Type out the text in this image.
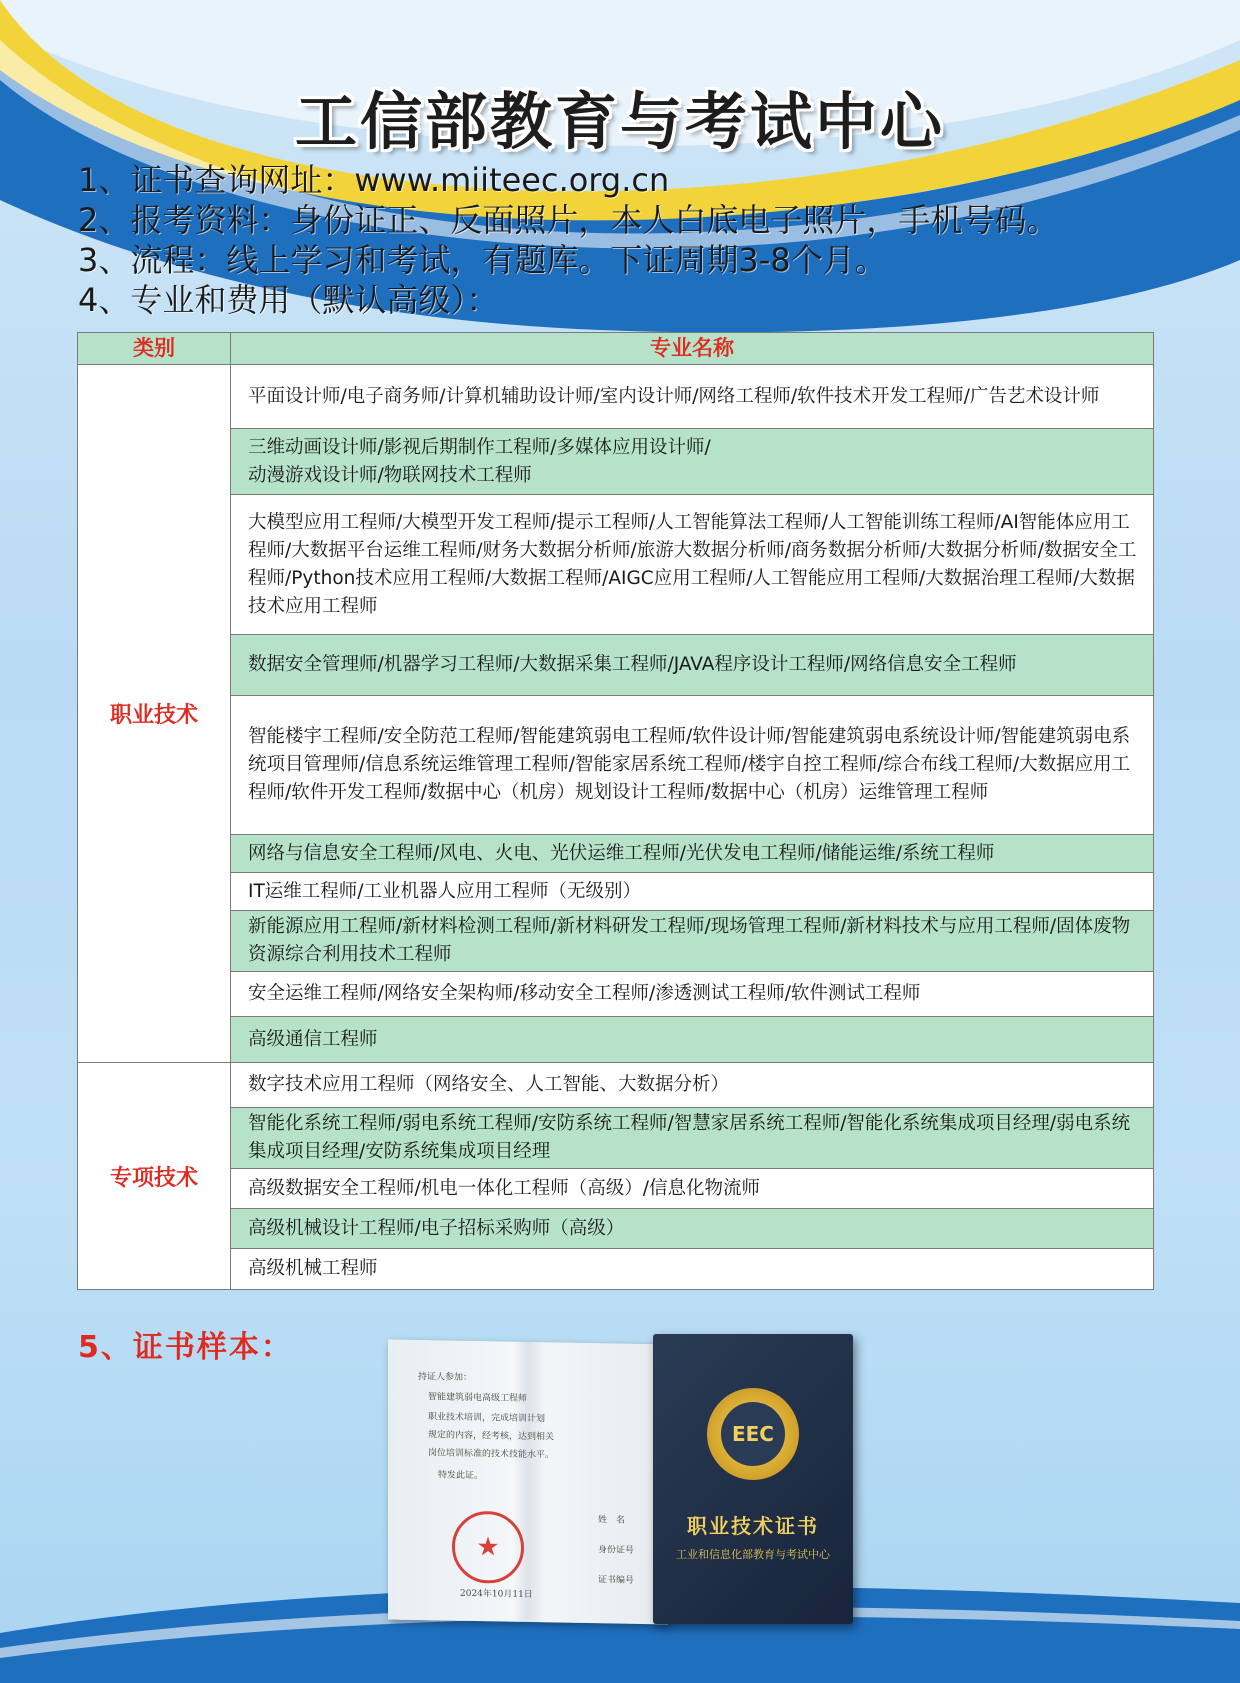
工信部教育与考试中心
1、证书查询网址：www.miiteec.org.cn
2、报考资料：身份证正、反面照片，本人白底电子照片，手机号码。
3、流程：线上学习和考试，有题库。下证周期3-8个月。
4、专业和费用（默认高级）：
类别	专业名称
职业技术
平面设计师/电子商务师/计算机辅助设计师/室内设计师/网络工程师/软件技术开发工程师/广告艺术设计师
三维动画设计师/影视后期制作工程师/多媒体应用设计师/
动漫游戏设计师/物联网技术工程师
大模型应用工程师/大模型开发工程师/提示工程师/人工智能算法工程师/人工智能训练工程师/AI智能体应用工程师/大数据平台运维工程师/财务大数据分析师/旅游大数据分析师/商务数据分析师/大数据分析师/数据安全工程师/Python技术应用工程师/大数据工程师/AIGC应用工程师/人工智能应用工程师/大数据治理工程师/大数据技术应用工程师
数据安全管理师/机器学习工程师/大数据采集工程师/JAVA程序设计工程师/网络信息安全工程师
智能楼宇工程师/安全防范工程师/智能建筑弱电工程师/软件设计师/智能建筑弱电系统设计师/智能建筑弱电系统项目管理师/信息系统运维管理工程师/智能家居系统工程师/楼宇自控工程师/综合布线工程师/大数据应用工程师/软件开发工程师/数据中心（机房）规划设计工程师/数据中心（机房）运维管理工程师
网络与信息安全工程师/风电、火电、光伏运维工程师/光伏发电工程师/储能运维/系统工程师
IT运维工程师/工业机器人应用工程师（无级别）
新能源应用工程师/新材料检测工程师/新材料研发工程师/现场管理工程师/新材料技术与应用工程师/固体废物资源综合利用技术工程师
安全运维工程师/网络安全架构师/移动安全工程师/渗透测试工程师/软件测试工程师
高级通信工程师
专项技术
数字技术应用工程师（网络安全、人工智能、大数据分析）
智能化系统工程师/弱电系统工程师/安防系统工程师/智慧家居系统工程师/智能化系统集成项目经理/弱电系统集成项目经理/安防系统集成项目经理
高级数据安全工程师/机电一体化工程师（高级）/信息化物流师
高级机械设计工程师/电子招标采购师（高级）
高级机械工程师
5、证书样本：
持证人参加：
智能建筑弱电高级工程师
职业技术培训，完成培训计划
规定的内容，经考核，达到相关
岗位培训标准的技术技能水平。
特发此证。
★
2024年10月11日
姓　名
身份证号
证书编号
EEC
职业技术证书
工业和信息化部教育与考试中心
